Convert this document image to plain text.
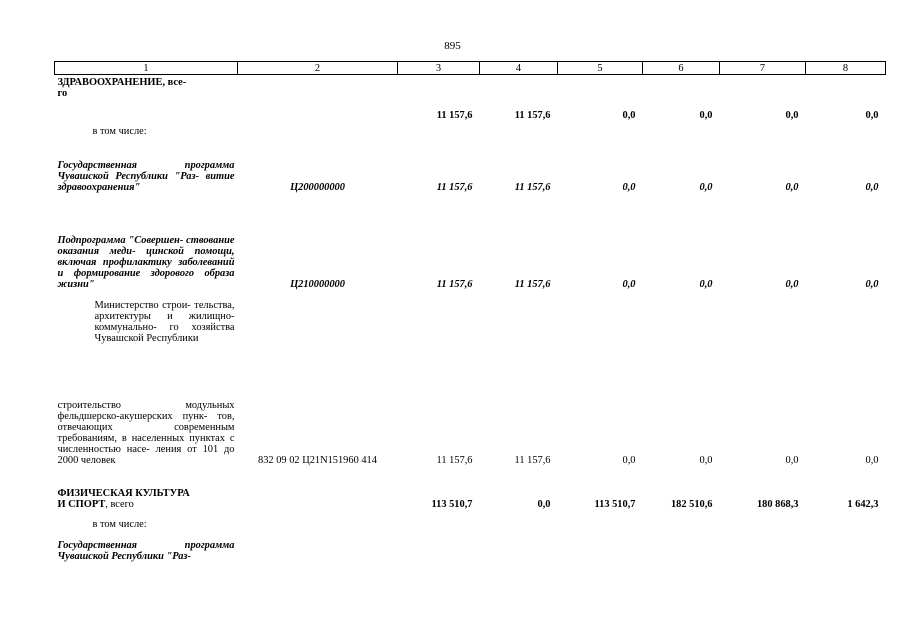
895
1	2	3	4	5	6	7	8
ЗДРАВООХРАНЕНИЕ, все-
го		11 157,6	11 157,6	0,0	0,0	0,0	0,0
в том числе:							
Государственная программа Чувашской Республики "Раз- витие здравоохранения"	Ц200000000	11 157,6	11 157,6	0,0	0,0	0,0	0,0
Подпрограмма "Совершен- ствование оказания меди- цинской помощи, включая профилактику заболеваний и формирование здорового образа жизни"	Ц210000000	11 157,6	11 157,6	0,0	0,0	0,0	0,0
Министерство строи- тельства, архитектуры и жилищно-коммунально- го хозяйства Чувашской Республики							
строительство модульных фельдшерско-акушерских пунк- тов, отвечающих современным требованиям, в населенных пунктах с численностью насе- ления от 101 до 2000 человек	832 09 02 Ц21N151960 414	11 157,6	11 157,6	0,0	0,0	0,0	0,0
ФИЗИЧЕСКАЯ КУЛЬТУРА
И СПОРТ, всего		113 510,7	0,0	113 510,7	182 510,6	180 868,3	1 642,3
в том числе:							
Государственная программа Чувашской Республики "Раз-							
